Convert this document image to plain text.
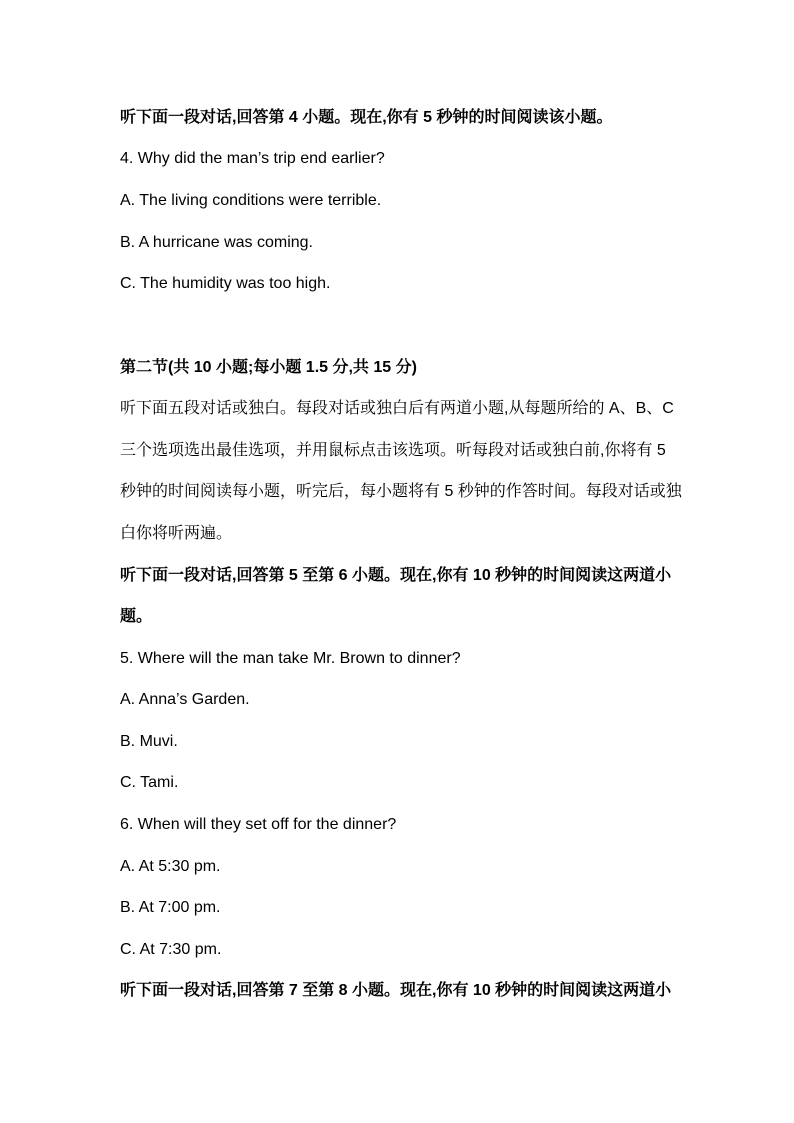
听下面一段对话,回答第 4 小题。现在,你有 5 秒钟的时间阅读该小题。
4. Why did the man’s trip end earlier?
A. The living conditions were terrible.
B. A hurricane was coming.
C. The humidity was too high.
第二节(共 10 小题;每小题 1.5 分,共 15 分)
听下面五段对话或独白。每段对话或独白后有两道小题,从每题所给的 A、B、C
三个选项选出最佳选项，并用鼠标点击该选项。听每段对话或独白前,你将有 5
秒钟的时间阅读每小题，听完后，每小题将有 5 秒钟的作答时间。每段对话或独
白你将听两遍。
听下面一段对话,回答第 5 至第 6 小题。现在,你有 10 秒钟的时间阅读这两道小
题。
5. Where will the man take Mr. Brown to dinner?
A. Anna’s Garden.
B. Muvi.
C. Tami.
6. When will they set off for the dinner?
A. At 5:30 pm.
B. At 7:00 pm.
C. At 7:30 pm.
听下面一段对话,回答第 7 至第 8 小题。现在,你有 10 秒钟的时间阅读这两道小
